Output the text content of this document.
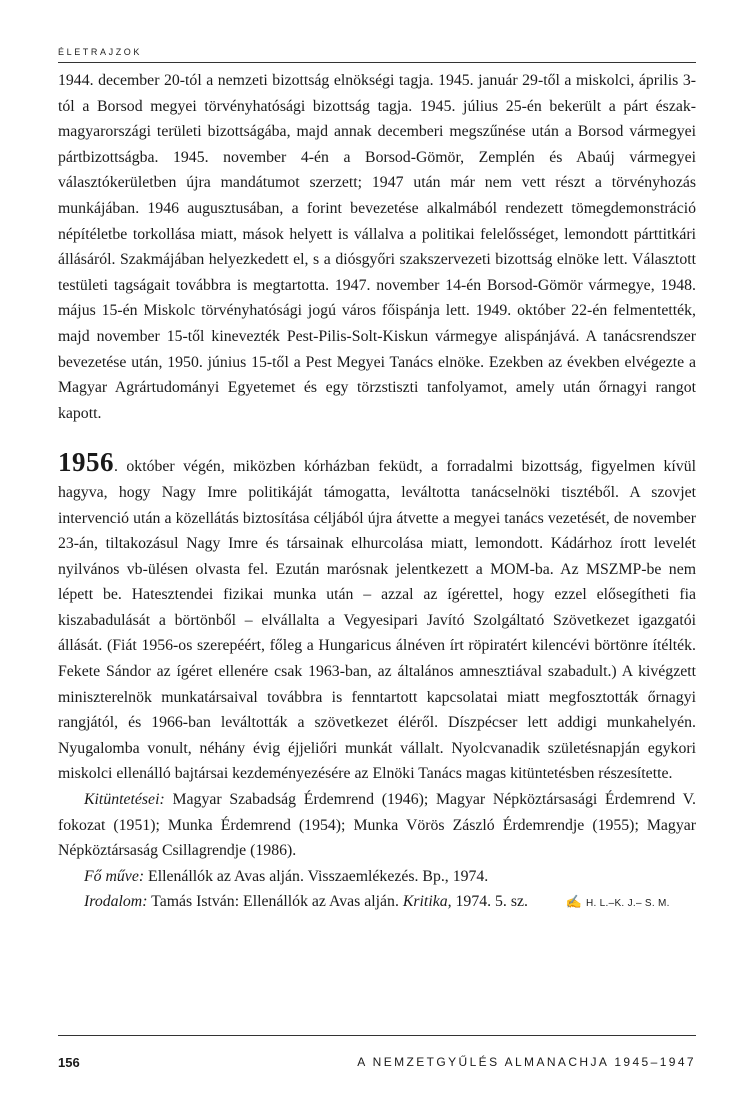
ÉLETRAJZOK

1944. december 20-tól a nemzeti bizottság elnökségi tagja. 1945. január 29-től a miskolci, április 3-tól a Borsod megyei törvényhatósági bizottság tagja. 1945. július 25-én bekerült a párt észak-magyarországi területi bizottságába, majd annak decemberi megszűnése után a Borsod vármegyei pártbizottságba. 1945. november 4-én a Borsod-Gömör, Zemplén és Abaúj vármegyei választókerületben újra mandátumot szerzett; 1947 után már nem vett részt a törvényhozás munkájában. 1946 augusztusában, a forint bevezetése alkalmából rendezett tömegdemonstráció népítéletbe torkollása miatt, mások helyett is vállalva a politikai felelősséget, lemondott párttitkári állásáról. Szakmájában helyezkedett el, s a diósgyőri szakszervezeti bizottság elnöke lett. Választott testületi tagságait továbbra is megtartotta. 1947. november 14-én Borsod-Gömör vármegye, 1948. május 15-én Miskolc törvényhatósági jogú város főispánja lett. 1949. október 22-én felmentették, majd november 15-től kinevezték Pest-Pilis-Solt-Kiskun vármegye alispánjává. A tanácsrendszer bevezetése után, 1950. június 15-től a Pest Megyei Tanács elnöke. Ezekben az években elvégezte a Magyar Agrártudományi Egyetemet és egy törzstiszti tanfolyamot, amely után őrnagyi rangot kapott.

1956. október végén, miközben kórházban feküdt, a forradalmi bizottság, figyelmen kívül hagyva, hogy Nagy Imre politikáját támogatta, leváltotta tanácselnöki tisztéből. A szovjet intervenció után a közellátás biztosítása céljából újra átvette a megyei tanács vezetését, de november 23-án, tiltakozásul Nagy Imre és társainak elhurcolása miatt, lemondott. Kádárhoz írott levelét nyilvános vb-ülésen olvasta fel. Ezután marósnak jelentkezett a MOM-ba. Az MSZMP-be nem lépett be. Hatesztendei fizikai munka után – azzal az ígérettel, hogy ezzel elősegítheti fia kiszabadulását a börtönből – elvállalta a Vegyesipari Javító Szolgáltató Szövetkezet igazgatói állását. (Fiát 1956-os szerepéért, főleg a Hungaricus álnéven írt röpiratért kilencévi börtönre ítélték. Fekete Sándor az ígéret ellenére csak 1963-ban, az általános amnesztiával szabadult.) A kivégzett miniszterelnök munkatársaival továbbra is fenntartott kapcsolatai miatt megfosztották őrnagyi rangjától, és 1966-ban leváltották a szövetkezet éléről. Díszpécser lett addigi munkahelyén. Nyugalomba vonult, néhány évig éjjeliőri munkát vállalt. Nyolcvanadik születésnapján egykori miskolci ellenálló bajtársai kezdeményezésére az Elnöki Tanács magas kitüntetésben részesítette.

Kitüntetései: Magyar Szabadság Érdemrend (1946); Magyar Népköztársasági Érdemrend V. fokozat (1951); Munka Érdemrend (1954); Munka Vörös Zászló Érdemrendje (1955); Magyar Népköztársaság Csillagrendje (1986).

Fő műve: Ellenállók az Avas alján. Visszaemlékezés. Bp., 1974.

Irodalom: Tamás István: Ellenállók az Avas alján. Kritika, 1974. 5. sz.	✍ H. L.–K. J.– S. M.

156	A NEMZETGYŰLÉS ALMANACHJA 1945–1947
